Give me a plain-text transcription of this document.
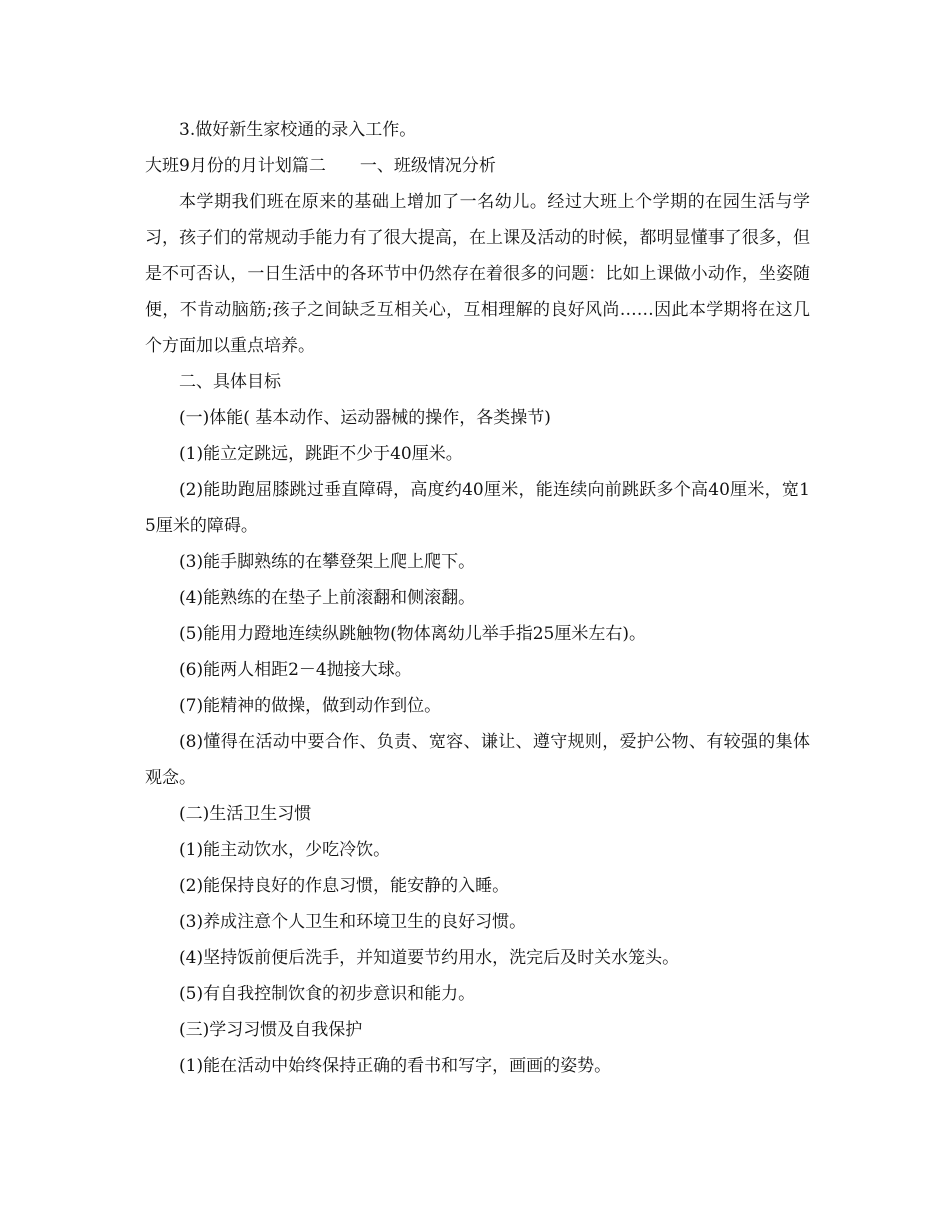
3.做好新生家校通的录入工作。

大班9月份的月计划篇二　　一、班级情况分析

本学期我们班在原来的基础上增加了一名幼儿。经过大班上个学期的在园生活与学习，孩子们的常规动手能力有了很大提高，在上课及活动的时候，都明显懂事了很多，但是不可否认，一日生活中的各环节中仍然存在着很多的问题：比如上课做小动作，坐姿随便，不肯动脑筋;孩子之间缺乏互相关心，互相理解的良好风尚……因此本学期将在这几个方面加以重点培养。

二、具体目标

(一)体能( 基本动作、运动器械的操作，各类操节)

(1)能立定跳远，跳距不少于40厘米。

(2)能助跑屈膝跳过垂直障碍，高度约40厘米，能连续向前跳跃多个高40厘米，宽15厘米的障碍。

(3)能手脚熟练的在攀登架上爬上爬下。

(4)能熟练的在垫子上前滚翻和侧滚翻。

(5)能用力蹬地连续纵跳触物(物体离幼儿举手指25厘米左右)。

(6)能两人相距2－4抛接大球。

(7)能精神的做操，做到动作到位。

(8)懂得在活动中要合作、负责、宽容、谦让、遵守规则，爱护公物、有较强的集体观念。

(二)生活卫生习惯

(1)能主动饮水，少吃冷饮。

(2)能保持良好的作息习惯，能安静的入睡。

(3)养成注意个人卫生和环境卫生的良好习惯。

(4)坚持饭前便后洗手，并知道要节约用水，洗完后及时关水笼头。

(5)有自我控制饮食的初步意识和能力。

(三)学习习惯及自我保护

(1)能在活动中始终保持正确的看书和写字，画画的姿势。
